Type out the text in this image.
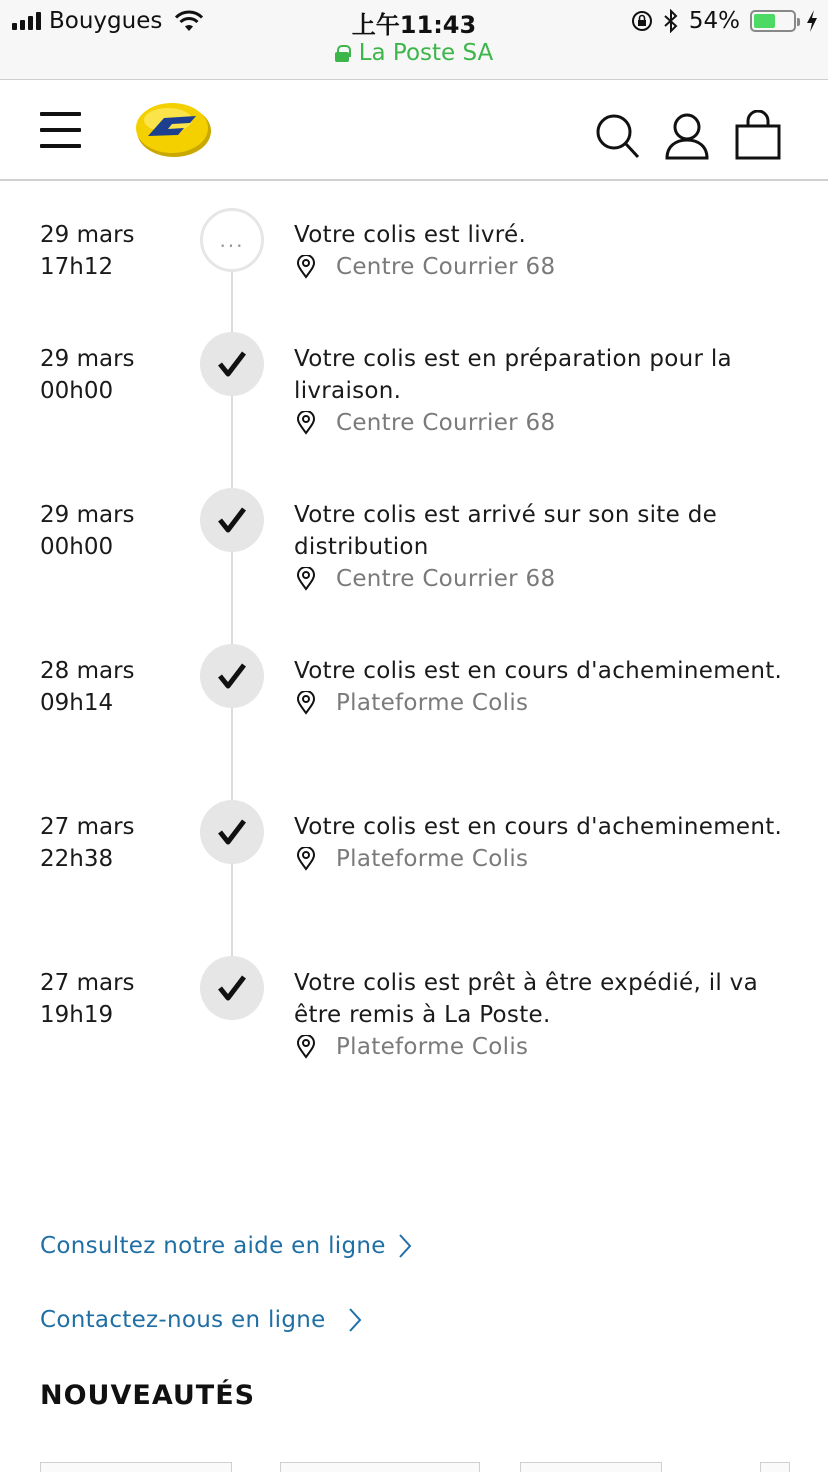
Bouygues	上午11:43
La Poste SA
54%
29 mars
17h12
... Votre colis est livré.
Centre Courrier 68
29 mars
00h00
Votre colis est en préparation pour la livraison.
Centre Courrier 68
29 mars
00h00
Votre colis est arrivé sur son site de distribution
Centre Courrier 68
28 mars
09h14
Votre colis est en cours d'acheminement.
Plateforme Colis
27 mars
22h38
Votre colis est en cours d'acheminement.
Plateforme Colis
27 mars
19h19
Votre colis est prêt à être expédié, il va être remis à La Poste.
Plateforme Colis
Consultez notre aide en ligne
Contactez-nous en ligne
NOUVEAUTÉS
